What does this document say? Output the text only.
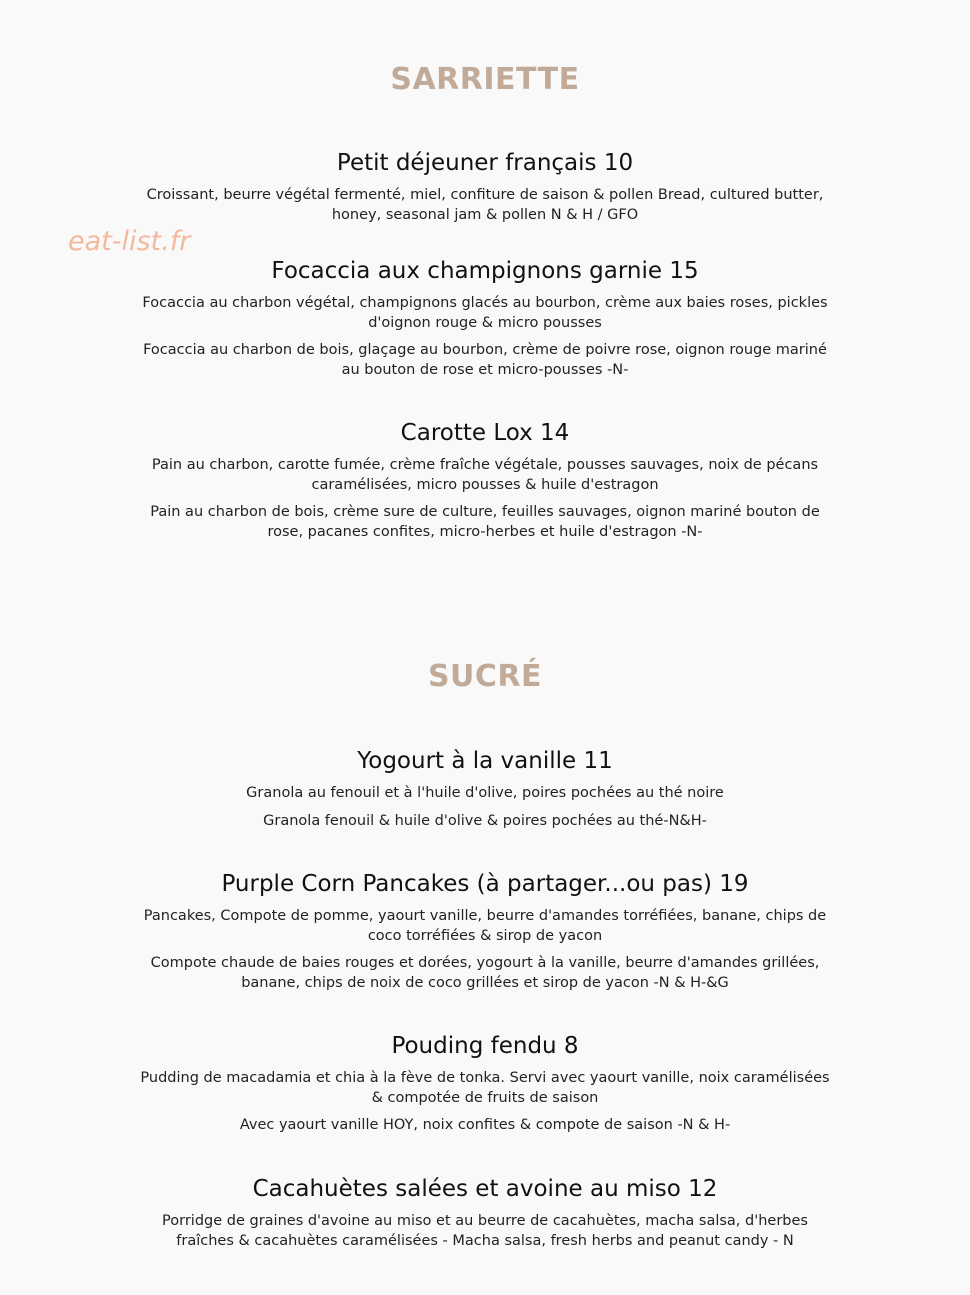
eat-list.fr
SARRIETTE
Petit déjeuner français 10

Croissant, beurre végétal fermenté, miel, confiture de saison & pollen Bread, cultured butter, honey, seasonal jam & pollen N & H / GFO

Focaccia aux champignons garnie 15

Focaccia au charbon végétal, champignons glacés au bourbon, crème aux baies roses, pickles d'oignon rouge & micro pousses

Focaccia au charbon de bois, glaçage au bourbon, crème de poivre rose, oignon rouge mariné au bouton de rose et micro-pousses -N-

Carotte Lox 14

Pain au charbon, carotte fumée, crème fraîche végétale, pousses sauvages, noix de pécans caramélisées, micro pousses & huile d'estragon

Pain au charbon de bois, crème sure de culture, feuilles sauvages, oignon mariné bouton de rose, pacanes confites, micro-herbes et huile d'estragon -N-

SUCRÉ
Yogourt à la vanille 11

Granola au fenouil et à l'huile d'olive, poires pochées au thé noire

Granola fenouil & huile d'olive & poires pochées au thé-N&H-

Purple Corn Pancakes (à partager...ou pas) 19

Pancakes, Compote de pomme, yaourt vanille, beurre d'amandes torréfiées, banane, chips de coco torréfiées & sirop de yacon

Compote chaude de baies rouges et dorées, yogourt à la vanille, beurre d'amandes grillées, banane, chips de noix de coco grillées et sirop de yacon -N & H-&G

Pouding fendu 8

Pudding de macadamia et chia à la fève de tonka. Servi avec yaourt vanille, noix caramélisées & compotée de fruits de saison

Avec yaourt vanille HOY, noix confites & compote de saison -N & H-

Cacahuètes salées et avoine au miso 12

Porridge de graines d'avoine au miso et au beurre de cacahuètes, macha salsa, d'herbes fraîches & cacahuètes caramélisées - Macha salsa, fresh herbs and peanut candy - N
